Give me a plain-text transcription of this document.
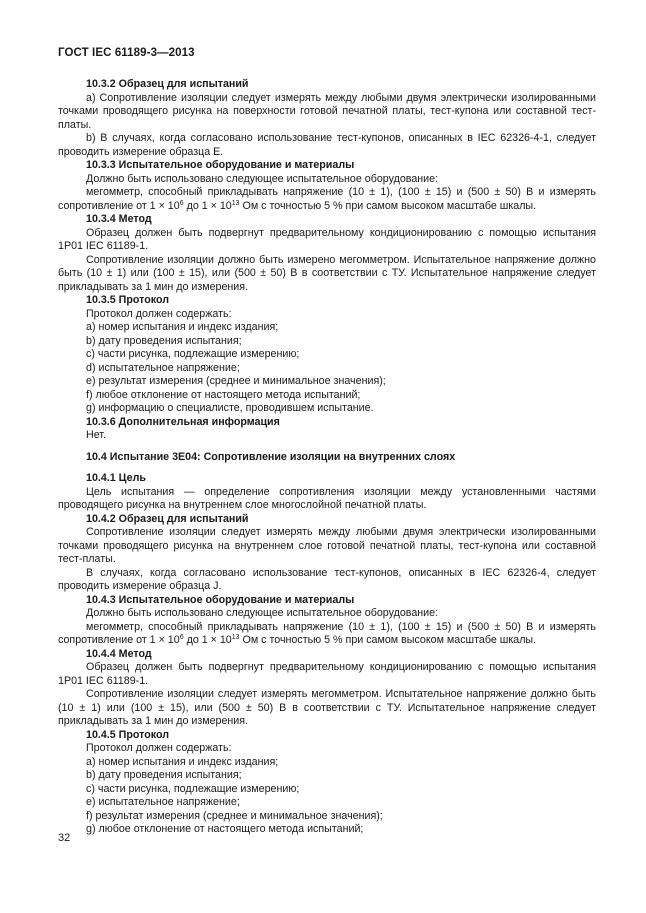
ГОСТ IEC 61189-3—2013

10.3.2 Образец для испытаний

а) Сопротивление изоляции следует измерять между любыми двумя электрически изолированными точками проводящего рисунка на поверхности готовой печатной платы, тест-купона или составной тест-платы.

b) В случаях, когда согласовано использование тест-купонов, описанных в IEC 62326-4-1, следует проводить измерение образца E.

10.3.3 Испытательное оборудование и материалы

Должно быть использовано следующее испытательное оборудование:

мегомметр, способный прикладывать напряжение (10 ± 1), (100 ± 15) и (500 ± 50) В и измерять сопротивление от $1 \times 10^6$ до $1 \times 10^{13}$ Ом с точностью 5 % при самом высоком масштабе шкалы.

10.3.4 Метод

Образец должен быть подвергнут предварительному кондиционированию с помощью испытания 1P01 IEC 61189-1.

Сопротивление изоляции должно быть измерено мегомметром. Испытательное напряжение должно быть (10 ± 1) или (100 ± 15), или (500 ± 50) В в соответствии с ТУ. Испытательное напряжение следует прикладывать за 1 мин до измерения.

10.3.5 Протокол

Протокол должен содержать:

а) номер испытания и индекс издания;

b) дату проведения испытания;

c) части рисунка, подлежащие измерению;

d) испытательное напряжение;

e) результат измерения (среднее и минимальное значения);

f) любое отклонение от настоящего метода испытаний;

g) информацию о специалисте, проводившем испытание.

10.3.6 Дополнительная информация

Нет.

10.4 Испытание 3E04: Сопротивление изоляции на внутренних слоях

10.4.1 Цель

Цель испытания — определение сопротивления изоляции между установленными частями проводящего рисунка на внутреннем слое многослойной печатной платы.

10.4.2 Образец для испытаний

Сопротивление изоляции следует измерять между любыми двумя электрически изолированными точками проводящего рисунка на внутреннем слое готовой печатной платы, тест-купона или составной тест-платы.

В случаях, когда согласовано использование тест-купонов, описанных в IEC 62326-4, следует проводить измерение образца J.

10.4.3 Испытательное оборудование и материалы

Должно быть использовано следующее испытательное оборудование:

мегомметр, способный прикладывать напряжение (10 ± 1), (100 ± 15) и (500 ± 50) В и измерять сопротивление от $1 \times 10^6$ до $1 \times 10^{13}$ Ом с точностью 5 % при самом высоком масштабе шкалы.

10.4.4 Метод

Образец должен быть подвергнут предварительному кондиционированию с помощью испытания 1P01 IEC 61189-1.

Сопротивление изоляции следует измерять мегомметром. Испытательное напряжение должно быть (10 ± 1) или (100 ± 15), или (500 ± 50) В в соответствии с ТУ. Испытательное напряжение следует прикладывать за 1 мин до измерения.

10.4.5 Протокол

Протокол должен содержать:

а) номер испытания и индекс издания;

b) дату проведения испытания;

c) части рисунка, подлежащие измерению;

e) испытательное напряжение;

f) результат измерения (среднее и минимальное значения);

g) любое отклонение от настоящего метода испытаний;

32
